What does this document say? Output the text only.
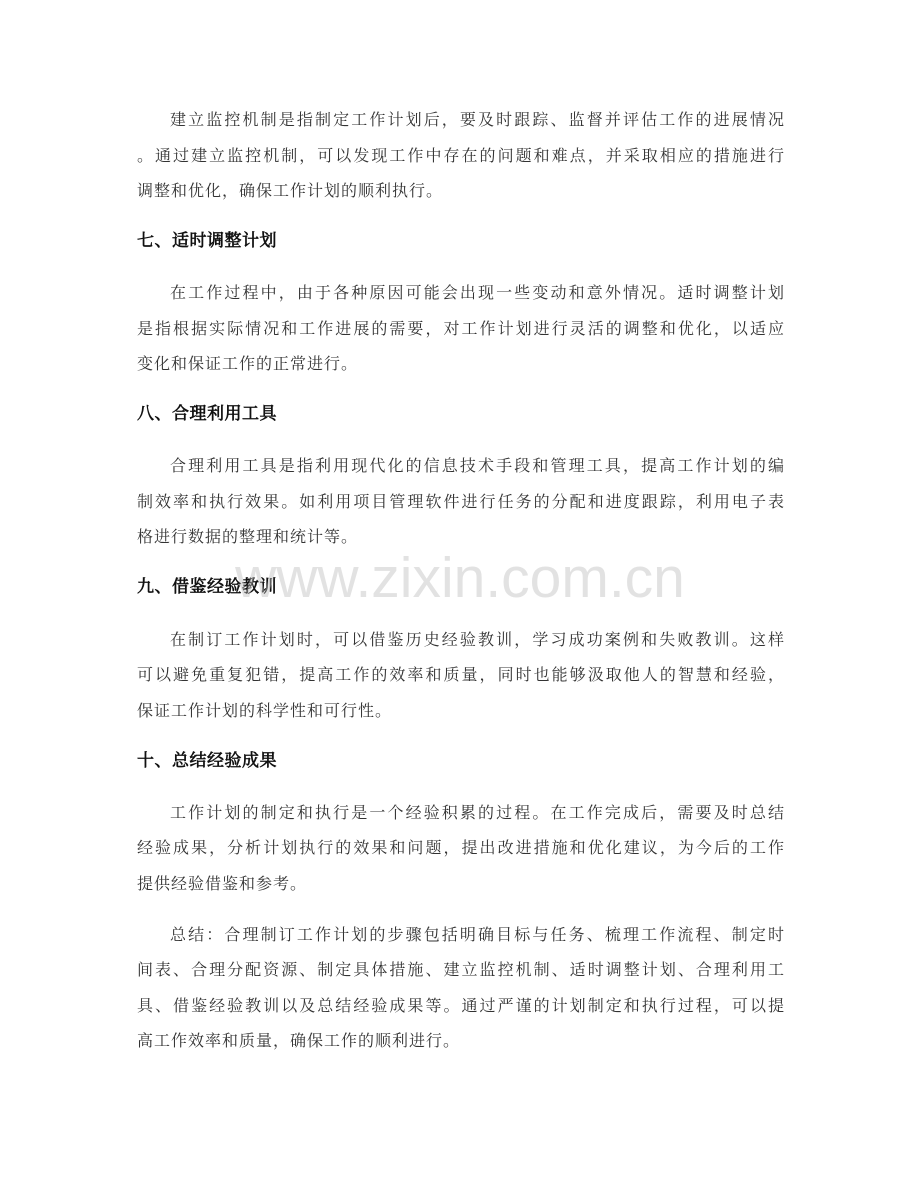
建立监控机制是指制定工作计划后，要及时跟踪、监督并评估工作的进展情况
。通过建立监控机制，可以发现工作中存在的问题和难点，并采取相应的措施进行
调整和优化，确保工作计划的顺利执行。
七、适时调整计划
在工作过程中，由于各种原因可能会出现一些变动和意外情况。适时调整计划
是指根据实际情况和工作进展的需要，对工作计划进行灵活的调整和优化，以适应
变化和保证工作的正常进行。
八、合理利用工具
合理利用工具是指利用现代化的信息技术手段和管理工具，提高工作计划的编
制效率和执行效果。如利用项目管理软件进行任务的分配和进度跟踪，利用电子表
格进行数据的整理和统计等。
九、借鉴经验教训
在制订工作计划时，可以借鉴历史经验教训，学习成功案例和失败教训。这样
可以避免重复犯错，提高工作的效率和质量，同时也能够汲取他人的智慧和经验，
保证工作计划的科学性和可行性。
十、总结经验成果
工作计划的制定和执行是一个经验积累的过程。在工作完成后，需要及时总结
经验成果，分析计划执行的效果和问题，提出改进措施和优化建议，为今后的工作
提供经验借鉴和参考。
总结：合理制订工作计划的步骤包括明确目标与任务、梳理工作流程、制定时
间表、合理分配资源、制定具体措施、建立监控机制、适时调整计划、合理利用工
具、借鉴经验教训以及总结经验成果等。通过严谨的计划制定和执行过程，可以提
高工作效率和质量，确保工作的顺利进行。
www.zixin.com.cn
